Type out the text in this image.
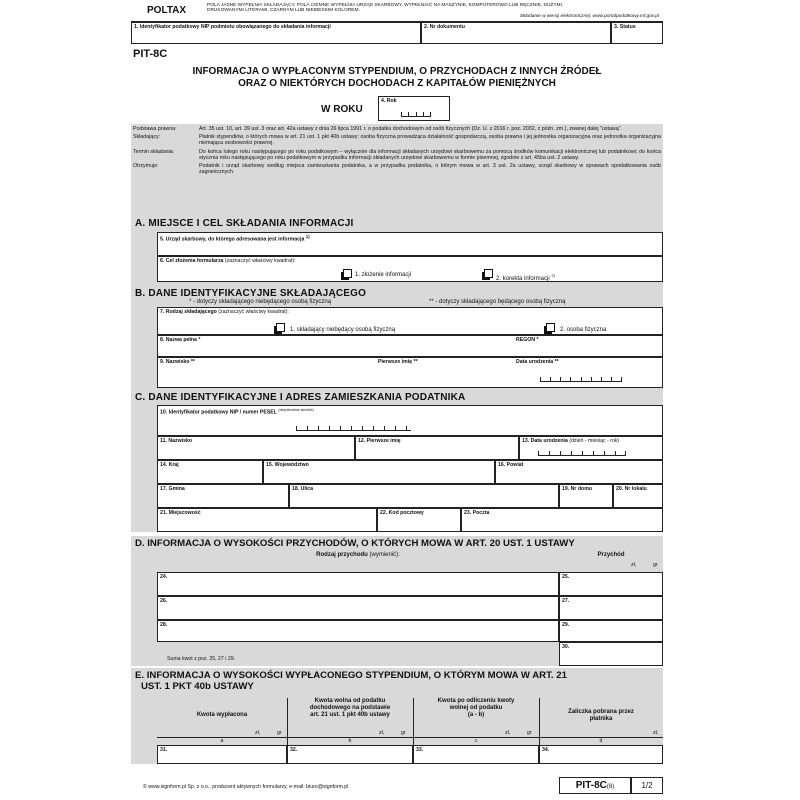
POLTAX	POLA JASNE WYPEŁNIA SKŁADAJĄCY, POLA CIEMNE WYPEŁNIA URZĄD SKARBOWY. WYPEŁNIAĆ NA MASZYNIE, KOMPUTEROWO LUB RĘCZNIE, DUŻYMI,
DRUKOWANYMI LITERAMI, CZARNYM LUB NIEBIESKIM KOLOREM.
Składanie w wersji elektronicznej: www.portalpodatkowy.mf.gov.pl
1. Identyfikator podatkowy NIP podmiotu obowiązanego do składania informacji	2. Nr dokumentu	3. Status
PIT-8C
INFORMACJA O WYPŁACONYM STYPENDIUM, O PRZYCHODACH Z INNYCH ŹRÓDEŁ
ORAZ O NIEKTÓRYCH DOCHODACH Z KAPITAŁÓW PIENIĘŻNYCH
W ROKU
4. Rok
Podstawa prawna:	Art. 35 ust. 10, art. 39 ust. 3 oraz art. 42a ustawy z dnia 26 lipca 1991 r. o podatku dochodowym od osób fizycznych (Dz. U. z 2016 r. poz. 2032, z późn. zm.), zwanej dalej "ustawą".
Składający:	Płatnik stypendiów, o których mowa w art. 21 ust. 1 pkt 40b ustawy; osoba fizyczna prowadząca działalność gospodarczą, osoba prawna i jej jednostka organizacyjna oraz jednostka organizacyjna niemająca osobowości prawnej.
Termin składania:	Do końca lutego roku następującego po roku podatkowym – wyłącznie dla informacji składanych urzędowi skarbowemu za pomocą środków komunikacji elektronicznej lub podatnikowi; do końca stycznia roku następującego po roku podatkowym w przypadku informacji składanych urzędowi skarbowemu w formie pisemnej, zgodnie z art. 45ba ust. 2 ustawy.
Otrzymuje:	Podatnik i urząd skarbowy według miejsca zamieszkania podatnika, a w przypadku podatnika, o którym mowa w art. 3 ust. 2a ustawy, urząd skarbowy w sprawach opodatkowania osób zagranicznych.
A. MIEJSCE I CEL SKŁADANIA INFORMACJI
5. Urząd skarbowy, do którego adresowana jest informacja $^{1)}$
6. Cel złożenia formularza (zaznaczyć właściwy kwadrat):
1. złożenie informacji
2. korekta informacji $^{2)}$
B. DANE IDENTYFIKACYJNE SKŁADAJĄCEGO
* - dotyczy składającego niebędącego osobą fizyczną	** - dotyczy składającego będącego osobą fizyczną
7. Rodzaj składającego (zaznaczyć właściwy kwadrat):
1. składający niebędący osobą fizyczną	2. osoba fizyczna
8. Nazwa pełna *	REGON *
9. Nazwisko **	Pierwsze imię **	Data urodzenia **
C. DANE IDENTYFIKACYJNE I ADRES ZAMIESZKANIA PODATNIKA
10. Identyfikator podatkowy NIP / numer PESEL $^{(niepotrzebne skreślić)}$
11. Nazwisko	12. Pierwsze imię	13. Data urodzenia (dzień - miesiąc - rok)
14. Kraj	15. Województwo	16. Powiat
17. Gmina	18. Ulica	19. Nr domu	20. Nr lokalu
21. Miejscowość	22. Kod pocztowy	23. Poczta
D. INFORMACJA O WYSOKOŚCI PRZYCHODÓW, O KTÓRYCH MOWA W ART. 20 UST. 1 USTAWY
Rodzaj przychodu (wymienić):	Przychód
zł,	gr
24.	25.
26.	27.
28.	29.
Suma kwot z poz. 25, 27 i 29.
30.
E. INFORMACJA O WYSOKOŚCI WYPŁACONEGO STYPENDIUM, O KTÓRYM MOWA W ART. 21
UST. 1 PKT 40b USTAWY
Kwota wypłacona
Kwota wolna od podatku
dochodowego na podstawie
art. 21 ust. 1 pkt 40b ustawy
Kwota po odliczeniu kwoty
wolnej od podatku
(a - b)	Zaliczka pobrana przez
płatnika
zł,	gr	zł,	gr	zł,	gr	zł,
a	b	c	d
31.	32.	33.	34.
© www.signform.pl Sp. z o.o., producent aktywnych formularzy, e-mail: biuro@signform.pl	PIT-8C(8)	1/2
